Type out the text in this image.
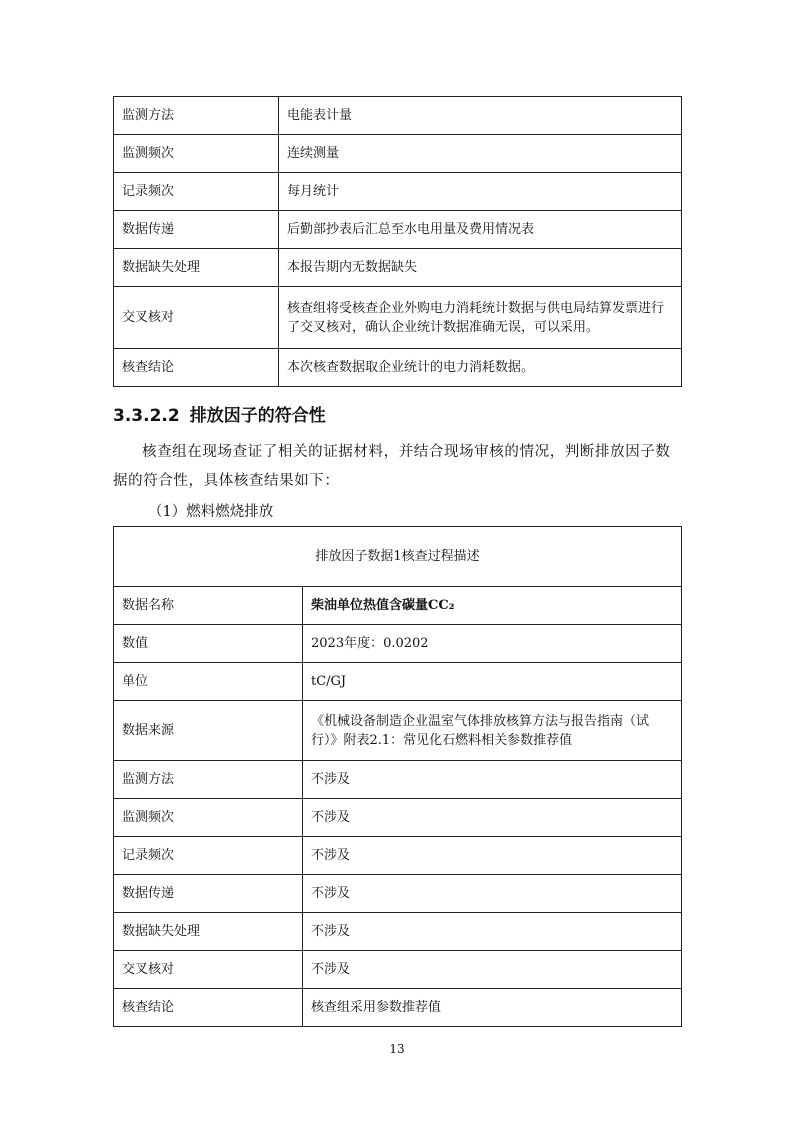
监测方法	电能表计量
监测频次	连续测量
记录频次	每月统计
数据传递	后勤部抄表后汇总至水电用量及费用情况表
数据缺失处理	本报告期内无数据缺失
交叉核对	核查组将受核查企业外购电力消耗统计数据与供电局结算发票进行了交叉核对，确认企业统计数据准确无误，可以采用。
核查结论	本次核查数据取企业统计的电力消耗数据。
3.3.2.2 排放因子的符合性
核查组在现场查证了相关的证据材料，并结合现场审核的情况，判断排放因子数据的符合性，具体核查结果如下：
（1）燃料燃烧排放
排放因子数据1核查过程描述	
数据名称	柴油单位热值含碳量CC₂
数值	2023年度：0.0202
单位	tC/GJ
数据来源	《机械设备制造企业温室气体排放核算方法与报告指南（试行）》附表2.1：常见化石燃料相关参数推荐值
监测方法	不涉及
监测频次	不涉及
记录频次	不涉及
数据传递	不涉及
数据缺失处理	不涉及
交叉核对	不涉及
核查结论	核查组采用参数推荐值
13
